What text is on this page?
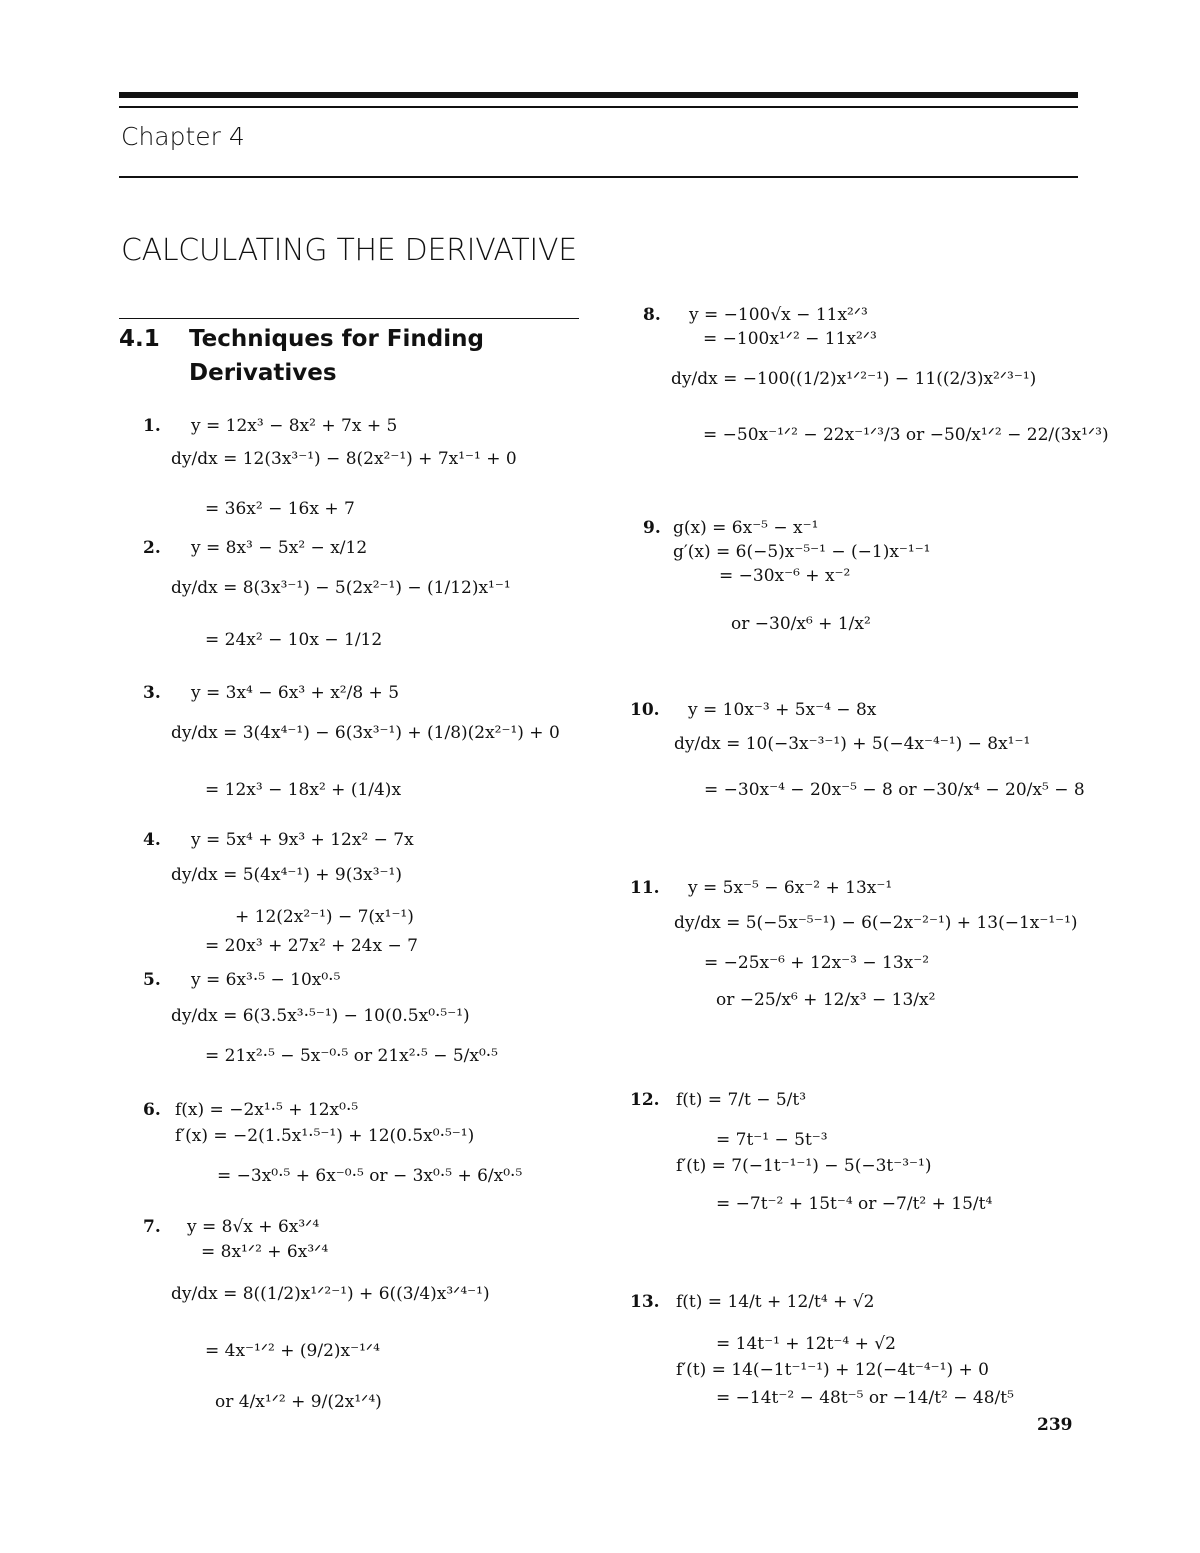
Chapter 4
CALCULATING THE DERIVATIVE
4.1 Techniques for Finding
Derivatives
1. y = 12x³ − 8x² + 7x + 5
dy/dx = 12(3x³⁻¹) − 8(2x²⁻¹) + 7x¹⁻¹ + 0
= 36x² − 16x + 7
2. y = 8x³ − 5x² − x/12
dy/dx = 8(3x³⁻¹) − 5(2x²⁻¹) − (1/12)x¹⁻¹
= 24x² − 10x − 1/12
3. y = 3x⁴ − 6x³ + x²/8 + 5
dy/dx = 3(4x⁴⁻¹) − 6(3x³⁻¹) + (1/8)(2x²⁻¹) + 0
= 12x³ − 18x² + (1/4)x
4. y = 5x⁴ + 9x³ + 12x² − 7x
dy/dx = 5(4x⁴⁻¹) + 9(3x³⁻¹)
+ 12(2x²⁻¹) − 7(x¹⁻¹)
= 20x³ + 27x² + 24x − 7
5. y = 6x³·⁵ − 10x⁰·⁵
dy/dx = 6(3.5x³·⁵⁻¹) − 10(0.5x⁰·⁵⁻¹)
= 21x²·⁵ − 5x⁻⁰·⁵ or 21x²·⁵ − 5/x⁰·⁵
6. f(x) = −2x¹·⁵ + 12x⁰·⁵
f′(x) = −2(1.5x¹·⁵⁻¹) + 12(0.5x⁰·⁵⁻¹)
= −3x⁰·⁵ + 6x⁻⁰·⁵ or − 3x⁰·⁵ + 6/x⁰·⁵
7. y = 8√x + 6x³ᐟ⁴
= 8x¹ᐟ² + 6x³ᐟ⁴
dy/dx = 8((1/2)x¹ᐟ²⁻¹) + 6((3/4)x³ᐟ⁴⁻¹)
= 4x⁻¹ᐟ² + (9/2)x⁻¹ᐟ⁴
or 4/x¹ᐟ² + 9/(2x¹ᐟ⁴)
8. y = −100√x − 11x²ᐟ³
= −100x¹ᐟ² − 11x²ᐟ³
dy/dx = −100((1/2)x¹ᐟ²⁻¹) − 11((2/3)x²ᐟ³⁻¹)
= −50x⁻¹ᐟ² − 22x⁻¹ᐟ³/3 or −50/x¹ᐟ² − 22/(3x¹ᐟ³)
9. g(x) = 6x⁻⁵ − x⁻¹
g′(x) = 6(−5)x⁻⁵⁻¹ − (−1)x⁻¹⁻¹
= −30x⁻⁶ + x⁻²
or −30/x⁶ + 1/x²
10. y = 10x⁻³ + 5x⁻⁴ − 8x
dy/dx = 10(−3x⁻³⁻¹) + 5(−4x⁻⁴⁻¹) − 8x¹⁻¹
= −30x⁻⁴ − 20x⁻⁵ − 8 or −30/x⁴ − 20/x⁵ − 8
11. y = 5x⁻⁵ − 6x⁻² + 13x⁻¹
dy/dx = 5(−5x⁻⁵⁻¹) − 6(−2x⁻²⁻¹) + 13(−1x⁻¹⁻¹)
= −25x⁻⁶ + 12x⁻³ − 13x⁻²
or −25/x⁶ + 12/x³ − 13/x²
12. f(t) = 7/t − 5/t³
= 7t⁻¹ − 5t⁻³
f′(t) = 7(−1t⁻¹⁻¹) − 5(−3t⁻³⁻¹)
= −7t⁻² + 15t⁻⁴ or −7/t² + 15/t⁴
13. f(t) = 14/t + 12/t⁴ + √2
= 14t⁻¹ + 12t⁻⁴ + √2
f′(t) = 14(−1t⁻¹⁻¹) + 12(−4t⁻⁴⁻¹) + 0
= −14t⁻² − 48t⁻⁵ or −14/t² − 48/t⁵
239
